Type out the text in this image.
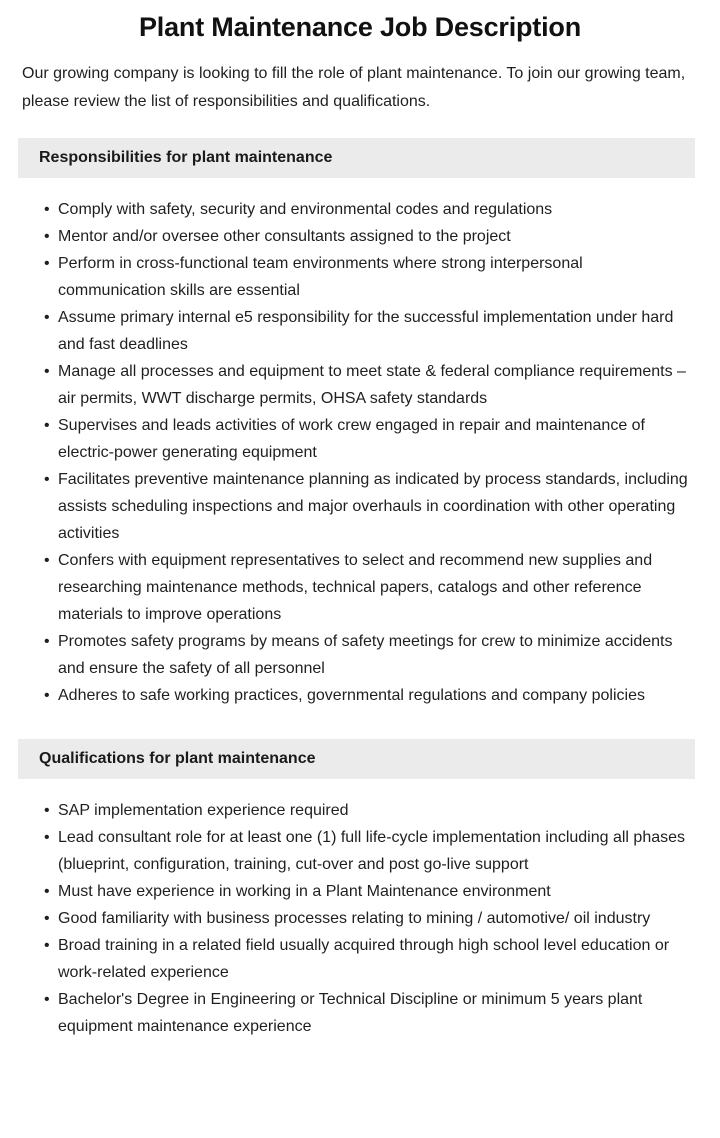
Plant Maintenance Job Description

Our growing company is looking to fill the role of plant maintenance. To join our growing team, please review the list of responsibilities and qualifications.

Responsibilities for plant maintenance
• Comply with safety, security and environmental codes and regulations
• Mentor and/or oversee other consultants assigned to the project
• Perform in cross-functional team environments where strong interpersonal communication skills are essential
• Assume primary internal e5 responsibility for the successful implementation under hard and fast deadlines
• Manage all processes and equipment to meet state & federal compliance requirements – air permits, WWT discharge permits, OHSA safety standards
• Supervises and leads activities of work crew engaged in repair and maintenance of electric-power generating equipment
• Facilitates preventive maintenance planning as indicated by process standards, including assists scheduling inspections and major overhauls in coordination with other operating activities
• Confers with equipment representatives to select and recommend new supplies and researching maintenance methods, technical papers, catalogs and other reference materials to improve operations
• Promotes safety programs by means of safety meetings for crew to minimize accidents and ensure the safety of all personnel
• Adheres to safe working practices, governmental regulations and company policies
Qualifications for plant maintenance
• SAP implementation experience required
• Lead consultant role for at least one (1) full life-cycle implementation including all phases (blueprint, configuration, training, cut-over and post go-live support
• Must have experience in working in a Plant Maintenance environment
• Good familiarity with business processes relating to mining / automotive/ oil industry
• Broad training in a related field usually acquired through high school level education or work-related experience
• Bachelor's Degree in Engineering or Technical Discipline or minimum 5 years plant equipment maintenance experience
